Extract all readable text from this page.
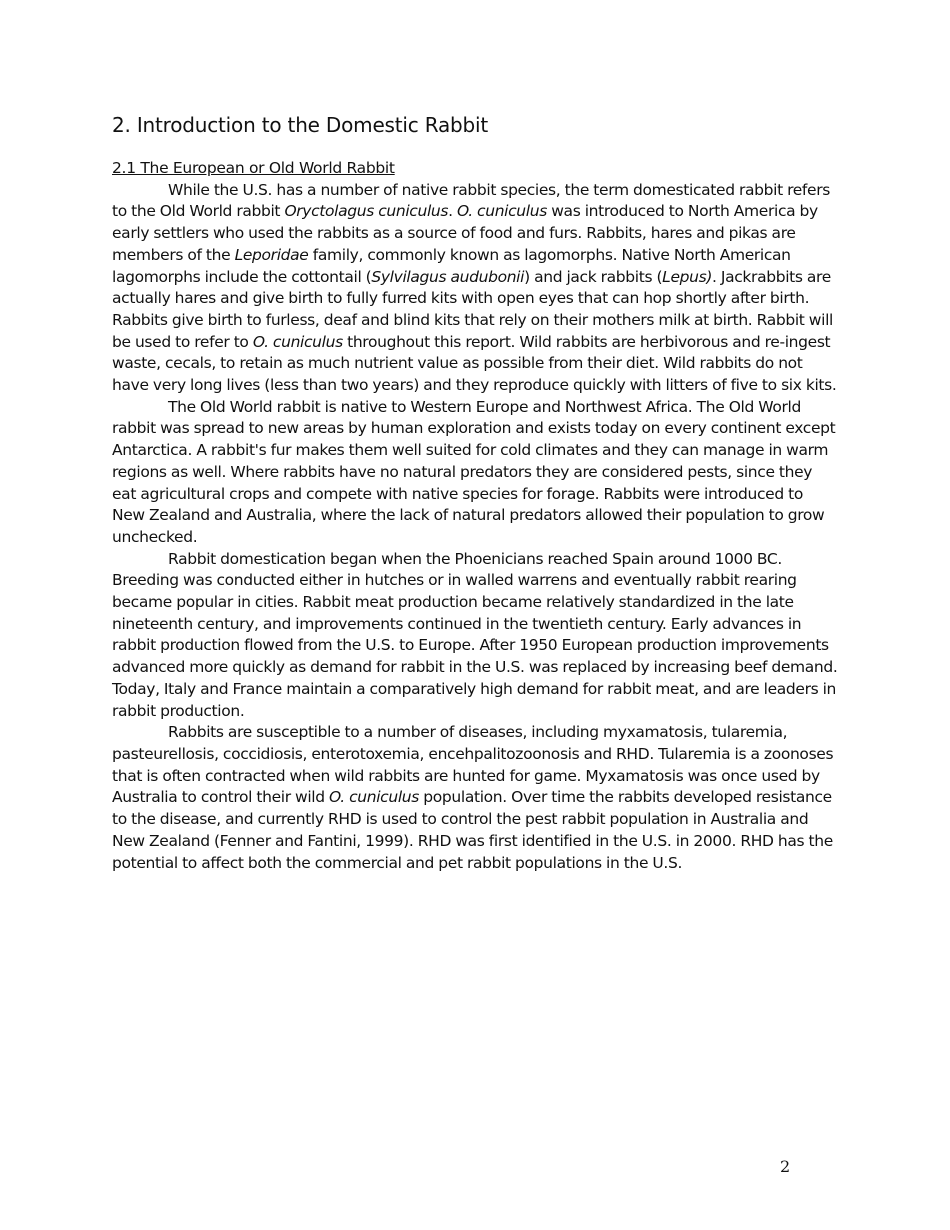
2. Introduction to the Domestic Rabbit
2.1 The European or Old World Rabbit

While the U.S. has a number of native rabbit species, the term domesticated rabbit refers to the Old World rabbit Oryctolagus cuniculus. O. cuniculus was introduced to North America by early settlers who used the rabbits as a source of food and furs. Rabbits, hares and pikas are members of the Leporidae family, commonly known as lagomorphs. Native North American lagomorphs include the cottontail (Sylvilagus audubonii) and jack rabbits (Lepus). Jackrabbits are actually hares and give birth to fully furred kits with open eyes that can hop shortly after birth. Rabbits give birth to furless, deaf and blind kits that rely on their mothers milk at birth. Rabbit will be used to refer to O. cuniculus throughout this report. Wild rabbits are herbivorous and re-ingest waste, cecals, to retain as much nutrient value as possible from their diet. Wild rabbits do not have very long lives (less than two years) and they reproduce quickly with litters of five to six kits.

The Old World rabbit is native to Western Europe and Northwest Africa. The Old World rabbit was spread to new areas by human exploration and exists today on every continent except Antarctica. A rabbit's fur makes them well suited for cold climates and they can manage in warm regions as well. Where rabbits have no natural predators they are considered pests, since they eat agricultural crops and compete with native species for forage. Rabbits were introduced to New Zealand and Australia, where the lack of natural predators allowed their population to grow unchecked.

Rabbit domestication began when the Phoenicians reached Spain around 1000 BC. Breeding was conducted either in hutches or in walled warrens and eventually rabbit rearing became popular in cities. Rabbit meat production became relatively standardized in the late nineteenth century, and improvements continued in the twentieth century. Early advances in rabbit production flowed from the U.S. to Europe. After 1950 European production improvements advanced more quickly as demand for rabbit in the U.S. was replaced by increasing beef demand. Today, Italy and France maintain a comparatively high demand for rabbit meat, and are leaders in rabbit production.

Rabbits are susceptible to a number of diseases, including myxamatosis, tularemia, pasteurellosis, coccidiosis, enterotoxemia, encehpalitozoonosis and RHD. Tularemia is a zoonoses that is often contracted when wild rabbits are hunted for game. Myxamatosis was once used by Australia to control their wild O. cuniculus population. Over time the rabbits developed resistance to the disease, and currently RHD is used to control the pest rabbit population in Australia and New Zealand (Fenner and Fantini, 1999). RHD was first identified in the U.S. in 2000. RHD has the potential to affect both the commercial and pet rabbit populations in the U.S.

2
